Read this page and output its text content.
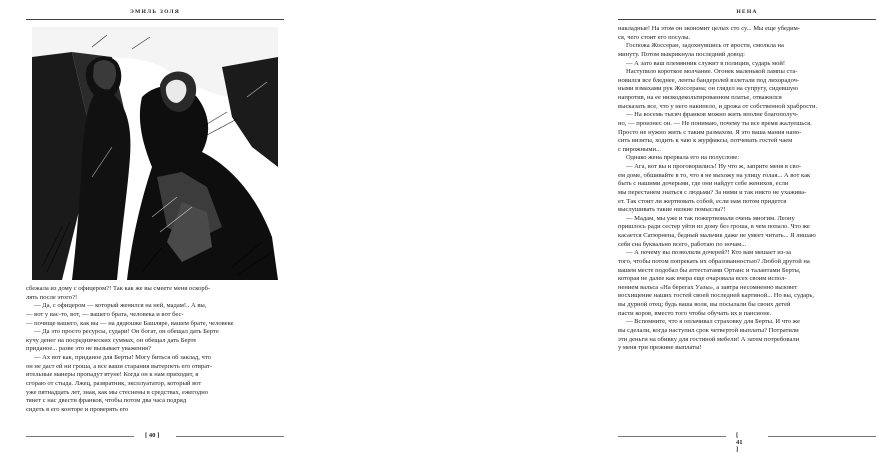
ЭМИЛЬ ЗОЛЯ
сбежала из дому с офицером?! Так как же вы смеете меня оскорб-
лять после этого?!
— Да, с офицером — который женился на ней, мадам!.. А вы,
— вот у вас-то, вот, — вашего брата, человека и вот бес-
— почище вашего, как вы — на дядюшке Башляре, вашем брате, человеке
— Да это просто ресурсы, судари! Он богат, он обещал дать Берте
кучу денег на посреднических суммах, он обещал дать Берте
приданое... разве это не вызывает уважения?
— Ах вот как, приданое для Берты! Могу биться об заклад, что
он не даст ей ни гроша, а все ваши старания вытерпеть его отврат-
ительные манеры пропадут втуне! Когда он к нам приходит, я
сгораю от стыда. Лжец, развратник, эксплуататор, который вот
уже пятнадцать лет, зная, как мы стеснены в средствах, ежегодно
тянет с нас двести франков, чтобы потом два часа подряд
сидеть в его конторе и проверять его
[ 40 ]
НЕНА
накладные! На этом он экономит целых сто су... Мы еще убедим-
ся, чего стоит его посулы.
Госпожа Жоссеран, задохнувшись от ярости, смолкла на
минуту. Потом выкрикнула последний довод:
— А зато ваш племянник служит в полиции, сударь мой!
Наступило короткое молчание. Огонек маленькой лампы ста-
новился все бледнее, ленты бандеролей взлетали под лихорадоч-
ными взмахами рук Жоссерана; он глядел на супругу, сидевшую
напротив, на ее низкодекольтированном платье, отважился
высказать все, что у него накипело, и дрожа от собственной храбрости.
— На восемь тысяч франков можно жить вполне благополуч-
но, — произнес он. — Не понимаю, почему ты все время жалуешься.
Просто не нужно жить с таким размахом. Я это ваша мания нано-
сить визиты, ходить к чаю к журфиксы, потчевать гостей чаем
с пирожными...
Однако жена прервала его на полуслове:
— Ага, вот вы и проговорились! Ну что ж, заприте меня в сво-
ем доме, обшивайте в то, что я не выхожу на улицу голая... А вот как
быть с нашими дочерьми, где они найдут себе женихов, если
мы перестанем знаться с людьми? За ними и так никто не ухажива-
ет. Так стоит ли жертвовать собой, если нам потом придется
выслушивать такие низкие помыслы?!
— Мадам, мы уже и так пожертвовали очень многим. Леону
пришлось ради сестер уйти из дому без гроша, в чем попало. Что же
касается Сатюрнена, бедный мальчик даже не умеет читать... Я лишаю
себя сна буквально всего, работаю по ночам...
— А почему вы позволили дочерей?! Кто вам мешает из-за
того, чтобы потом попрекать их образованностью? Любой другой на
вашем месте подобал бы аттестатами Ортанс и талантами Берты,
которая не далее как вчера еще очаровала всех своим испол-
нением вальса «На берегах Уазы», а завтра несомненно вызовет
восхищение наших гостей своей последней картиной... Но вы, сударь,
вы дурной отец; будь ваша воля, вы посылали бы своих детей
пасти коров, вместо того чтобы обучать их в пансионе.
— Вспомните, что я оплачивал страховку для Берты. И что же
вы сделали, когда наступил срок четвертой выплаты? Потратили
эти деньги на обивку для гостиной мебели! А затем потребовали
у меня три прежние выплаты!
[ 41 ]
